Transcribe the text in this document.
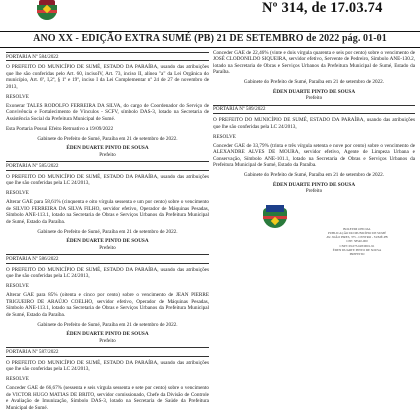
Nº 314, de 17.03.74
ANO XX - EDIÇÃO EXTRA SUMÉ (PB) 21 DE SETEMBRO de 2022 pág. 01-01

PORTARIA Nº 584/2022

O PREFEITO DO MUNICÍPIO DE SUMÉ, ESTADO DA PARAÍBA, usando das atribuições que lhe são conferidas pelo Art. 60, incisoIV, Art. 73, inciso II, alínea "a" da Lei Orgânica do município, Art. 6º, I,2º, § 1º e 19º, inciso I da Lei Complementar nº 24 de 27 de novembro de 2013,

RESOLVE

Exonerar TALES RODOLFO FERREIRA DA SILVA, do cargo de Coordenador do Serviço de Convivência e Fortalecimento de Vínculos - SCFV, símbolo DAS-3, lotado na Secretaria de Assistência Social da Prefeitura Municipal de Sumé.

Esta Portaria Possui Efeito Retroativo a 19/09/2022

Gabinete do Prefeito de Sumé, Paraíba em 21 de setembro de 2022.

ÉDEN DUARTE PINTO DE SOUSA

Prefeito

PORTARIA Nº 585/2022

O PREFEITO DO MUNICÍPIO DE SUMÉ, ESTADO DA PARAÍBA, usando das atribuições que lhe são conferidas pela LC 24/2013,

RESOLVE

Alterar GAE para 58,61% (cinquenta e oito vírgula sessenta e um por cento) sobre o vencimento de SILVIO FERREIRA DA SILVA FILHO, servidor efetivo, Operador de Máquinas Pesadas, Símbolo ANE-113.1, lotado na Secretaria de Obras e Serviços Urbanos da Prefeitura Municipal de Sumé, Estado da Paraíba.

Gabinete do Prefeito de Sumé, Paraíba em 21 de setembro de 2022.

ÉDEN DUARTE PINTO DE SOUSA

Prefeito

PORTARIA Nº 586/2022

O PREFEITO DO MUNICÍPIO DE SUMÉ, ESTADO DA PARAÍBA, usando das atribuições que lhe são conferidas pela LC 24/2013,

RESOLVE

Alterar GAE para 85% (oitenta e cinco por cento) sobre o vencimento de JEAN PIERRE TRIGUEIRO DE ARAÚJO COELHO, servidor efetivo, Operador de Máquinas Pesadas, Símbolo ANE-113.1, lotado na Secretaria de Obras e Serviços Urbanos da Prefeitura Municipal de Sumé, Estado da Paraíba.

Gabinete do Prefeito de Sumé, Paraíba em 21 de setembro de 2022.

ÉDEN DUARTE PINTO DE SOUSA

Prefeito

PORTARIA Nº 587/2022

O PREFEITO DO MUNICÍPIO DE SUMÉ, ESTADO DA PARAÍBA, usando das atribuições que lhe são conferidas pela LC 24/2013,

RESOLVE

Conceder GAE de 66,67% (sessenta e seis vírgula sessenta e sete por cento) sobre o vencimento de VICTOR HUGO MATIAS DE BRITO, servidor comissionado, Chefe da Divisão de Controle e Avaliação de Imunização, Símbolo DAS-3, lotado na Secretaria de Saúde da Prefeitura Municipal de Sumé.

Conceder GAE de 22,46% (vinte e dois vírgula quarenta e seis por cento) sobre o vencimento de JOSÉ CLODONILDO SIQUEIRA, servidor efetivo, Servente de Pedreiro, Símbolo ANE-130.2, lotado na Secretaria de Obras e Serviços Urbanos da Prefeitura Municipal de Sumé, Estado da Paraíba.

Gabinete do Prefeito de Sumé, Paraíba em 21 de setembro de 2022.

ÉDEN DUARTE PINTO DE SOUSA

Prefeito

PORTARIA Nº 589/2022

O PREFEITO DO MUNICÍPIO DE SUMÉ, ESTADO DA PARAÍBA, usando das atribuições que lhe são conferidas pela LC 24/2013,

RESOLVE

Conceder GAE de 33,79% (trinta e três vírgula setenta e nove por cento) sobre o vencimento de ALEXANDRE ALVES DE MOURA, servidor efetivo, Agente de Limpeza Urbana e Conservação, Símbolo ANE-101.1, lotado na Secretaria de Obras e Serviços Urbanos da Prefeitura Municipal de Sumé, Estado da Paraíba.

Gabinete do Prefeito de Sumé, Paraíba em 21 de setembro de 2022.

ÉDEN DUARTE PINTO DE SOUSA

Prefeito

BOLETIM OFICIAL
PUBLICAÇÃO DO MUNICÍPIO DE SUMÉ
AV. JOÃO PIRES, 375 - CENTRO - SUMÉ-PB
CEP: 58540-000
CNPJ: 09.073.628/0001-91
ÉDEN DUARTE PINTO DE SOUSA
PREFEITO
